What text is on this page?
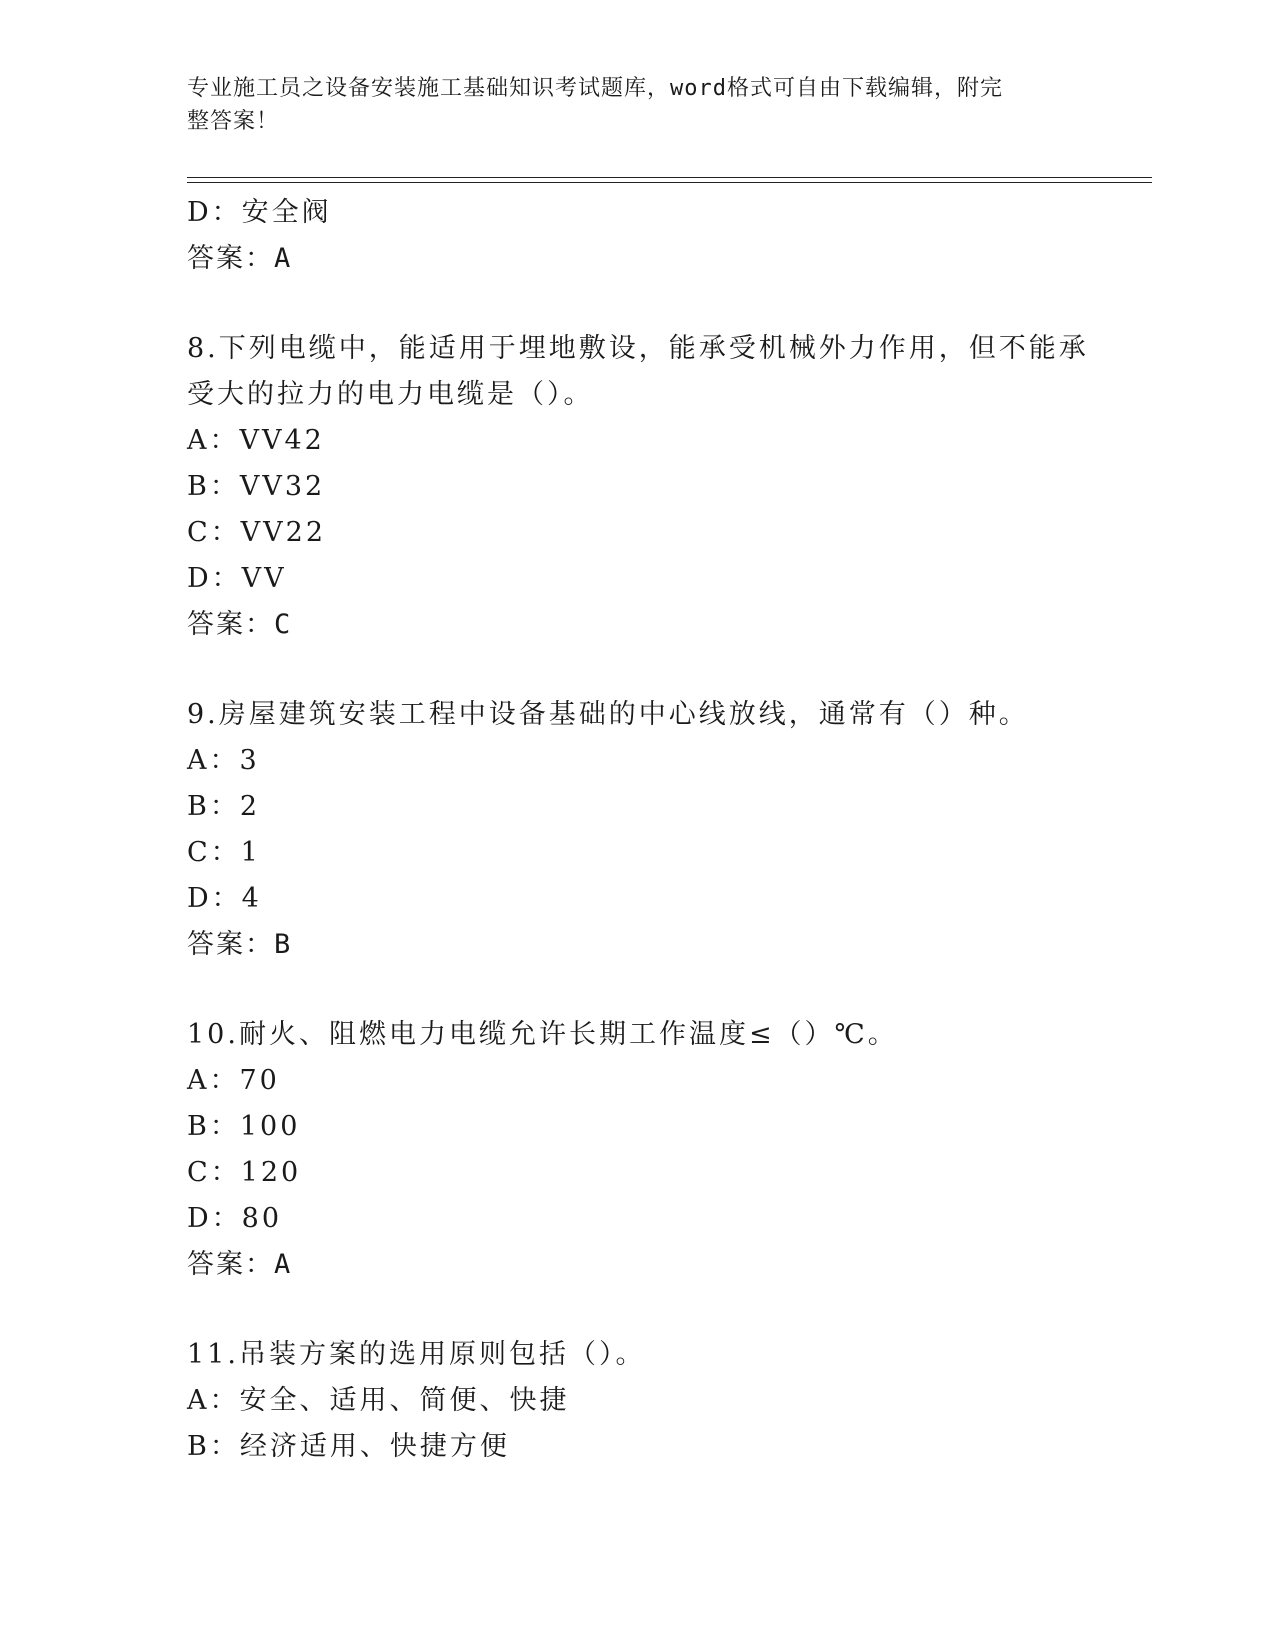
专业施工员之设备安装施工基础知识考试题库，word格式可自由下载编辑，附完

整答案！

D：安全阀
答案：A
8.下列电缆中，能适用于埋地敷设，能承受机械外力作用，但不能承
受大的拉力的电力电缆是（）。
A：VV42
B：VV32
C：VV22
D：VV
答案：C
9.房屋建筑安装工程中设备基础的中心线放线，通常有（）种。
A：3
B：2
C：1
D：4
答案：B
10.耐火、阻燃电力电缆允许长期工作温度≤（）℃。
A：70
B：100
C：120
D：80
答案：A
11.吊装方案的选用原则包括（）。
A：安全、适用、简便、快捷
B：经济适用、快捷方便
